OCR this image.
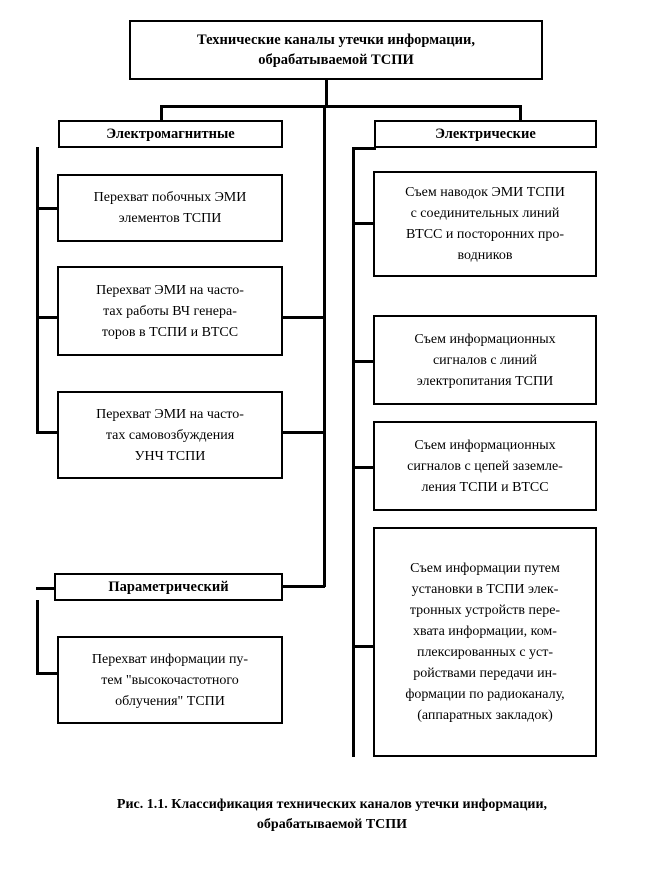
Технические каналы утечки информации,
обрабатываемой ТСПИ
Электромагнитные	Электрические
Перехват побочных ЭМИ
элементов ТСПИ
Перехват ЭМИ на часто-
тах работы ВЧ генера-
торов в ТСПИ и ВТСС
Перехват ЭМИ на часто-
тах самовозбуждения
УНЧ ТСПИ
Параметрический
Перехват информации пу-
тем "высокочастотного
облучения" ТСПИ
Съем наводок ЭМИ ТСПИ
с соединительных линий
ВТСС и посторонних про-
водников
Съем информационных
сигналов с линий
электропитания ТСПИ
Съем информационных
сигналов с цепей заземле-
ления ТСПИ и ВТСС
Съем информации путем
установки в ТСПИ элек-
тронных устройств пере-
хвата информации, ком-
плексированных с уст-
ройствами передачи ин-
формации по радиоканалу,
(аппаратных закладок)
Рис. 1.1. Классификация технических каналов утечки информации,
обрабатываемой ТСПИ
